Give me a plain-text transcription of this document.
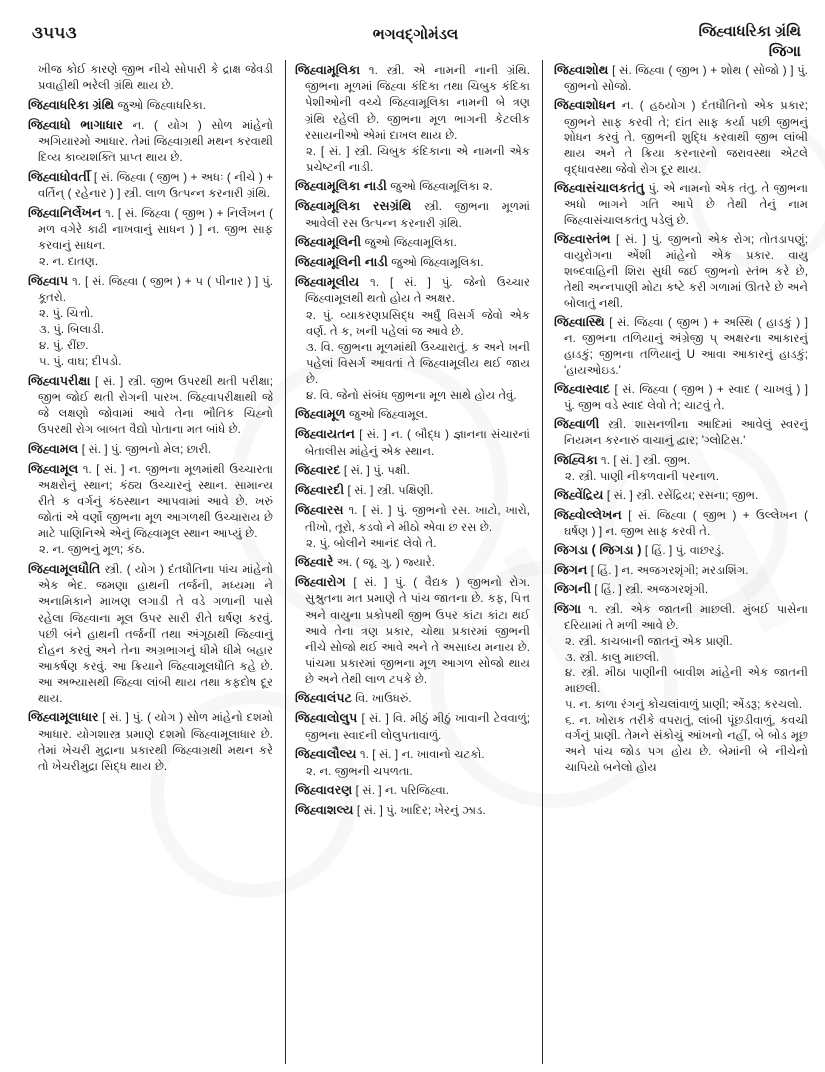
૩૫૫૩	ભગવદ્ગોમંડલ	જિહ્વાધરિકા ગ્રંથિ
જિગા

ખીજ કોઈ કારણે જીભ નીચે સોપારી કે દ્રાક્ષ જેવડી પ્રવાહીથી ભરેલી ગ્રંથિ થાય છે.

જિહ્વાધરિકા ગ્રંથિ જુઓ જિહ્વાધરિકા.

જિહ્વાધો ભાગાધાર ન. ( યોગ ) સોળ માંહેનો અગિયારમો આધાર. તેમાં જિહ્વાગ્રથી મથન કરવાથી દિવ્ય કાવ્યશક્તિ પ્રાપ્ત થાય છે.

જિહ્વાધોવર્તી [ સં. જિહ્વા ( જીભ ) + અધઃ ( નીચે ) + વર્તિન્ ( રહેનાર ) ] સ્ત્રી. લાળ ઉત્પન્ન કરનારી ગ્રંથિ.

જિહ્વાનિર્લેખન ૧. [ સં. જિહ્વા ( જીભ ) + નિર્લેખન ( મળ વગેરે કાઢી નાખવાનું સાધન ) ] ન. જીભ સાફ કરવાનું સાધન.

૨. ન. દાતણ.

જિહ્વાપ ૧. [ સં. જિહ્વા ( જીભ ) + પ ( પીનાર ) ] પું. કૂતરો.

૨. પું. ચિત્તો.

૩. પું. બિલાડી.

૪. પું. રીંછ.

૫. પું. વાઘ; દીપડો.

જિહ્વાપરીક્ષા [ સં. ] સ્ત્રી. જીભ ઉપરથી થતી પરીક્ષા; જીભ જોઈ થતી રોગની પારખ. જિહ્વાપરીક્ષાથી જે જે લક્ષણો જોવામાં આવે તેના ભૌતિક ચિહ્નો ઉપરથી રોગ બાબત વૈદ્યો પોતાના મત બાંધે છે.

જિહ્વામલ [ સં. ] પું. જીભનો મેલ; છારી.

જિહ્વામૂલ ૧. [ સં. ] ન. જીભના મૂળમાંથી ઉચ્ચારતા અક્ષરોનું સ્થાન; કંઠ્ય ઉચ્ચારનું સ્થાન. સામાન્ય રીતે ક વર્ગનું કંઠસ્થાન આપવામાં આવે છે. ખરું જોતાં એ વર્ણો જીભના મૂળ આગળથી ઉચ્ચારાય છે માટે પાણિનિએ એનું જિહ્વામૂલ સ્થાન આપ્યું છે.

૨. ન. જીભનું મૂળ; કંઠ.

જિહ્વામૂલધૌતિ સ્ત્રી. ( યોગ ) દંતધૌતિના પાંચ માંહેનો એક ભેદ. જમણા હાથની તર્જની, મધ્યમા ને અનામિકાને માખણ લગાડી તે વડે ગળાની પાસે રહેલા જિહ્વાના મૂલ ઉપર સારી રીતે ઘર્ષણ કરવું. પછી બંને હાથની તર્જનીં તથા અંગૂઠાથી જિહ્વાનું દોહન કરવું અને તેના અગ્રભાગનું ધીમે ધીમે બહાર આકર્ષણ કરવું. આ ક્રિયાને જિહ્વામૂલધૌતિ કહે છે. આ અભ્યાસથી જિહ્વા લાંબી થાય તથા કફદોષ દૂર થાય.

જિહ્વામૂલાધાર [ સં. ] પું. ( યોગ ) સોળ માંહેનો દશમો આધાર. યોગશાસ્ત્ર પ્રમાણે દશમો જિહ્વામૂલાધાર છે. તેમાં ખેચરી મુદ્રાના પ્રકારથી જિહ્વાગ્રથી મથન કરે તો ખેચરીમુદ્રા સિદ્ધ થાય છે.

જિહ્વામૂલિકા ૧. સ્ત્રી. એ નામની નાની ગ્રંથિ. જીભના મૂળમાં જિહ્વા કંદિકા તથા ચિબુક કંદિકા પેશીઓની વચ્ચે જિહ્વામૂલિકા નામની બે ત્રણ ગ્રંથિ રહેલી છે. જીભના મૂળ ભાગની કેટલીક રસાયનીઓ એમાં દાખલ થાય છે.

૨. [ સં. ] સ્ત્રી. ચિબુક કંદિકાના એ નામની એક પ્રચેષ્ટની નાડી.

જિહ્વામૂલિકા નાડી જુઓ જિહ્વામૂલિકા ૨.

જિહ્વામૂલિકા રસગ્રંથિ સ્ત્રી. જીભના મૂળમાં આવેલી રસ ઉત્પન્ન કરનારી ગ્રંથિ.

જિહ્વામૂલિની જુઓ જિહ્વામૂલિકા.

જિહ્વામૂલિની નાડી જુઓ જિહ્વામૂલિકા.

જિહ્વામૂલીય ૧. [ સં. ] પું. જેનો ઉચ્ચાર જિહ્વામૂલથી થતો હોય તે અક્ષર.

૨. પું. વ્યાકરણપ્રસિદ્ધ અર્ધું વિસર્ગ જેવો એક વર્ણ. તે ક, ખની પહેલાં જ આવે છે.

૩. વિ. જીભના મૂળમાંથી ઉચ્ચારાતું. ક અને ખની પહેલાં વિસર્ગ આવતાં તે જિહ્વામૂલીય થઈ જાય છે.

૪. વિ. જેનો સંબંધ જીભના મૂળ સાથે હોય તેવું.

જિહ્વામૂળ જુઓ જિહ્વામૂલ.

જિહ્વાયતન [ સં. ] ન. ( બૌદ્ધ ) જ્ઞાનના સંચારનાં બેતાલીસ માંહેનું એક સ્થાન.

જિહ્વારદ [ સં. ] પું. પક્ષી.

જિહ્વારદી [ સં. ] સ્ત્રી. પક્ષિણી.

જિહ્વારસ ૧. [ સં. ] પું. જીભનો રસ. ખાટો, ખારો, તીખો, તૂરો, કડવો ને મીઠો એવા છ રસ છે.

૨. પું. બોલીને આનંદ લેવો તે.

જિહ્વારે અ. ( જૂ. ગુ. ) જ્યારે.

જિહ્વારોગ [ સં. ] પું. ( વૈદ્યક ) જીભનો રોગ. સુશ્રુતના મત પ્રમાણે તે પાંચ જાતના છે. કફ, પિત્ત અને વાયુના પ્રકોપથી જીભ ઉપર કાંટા કાંટા થઈ આવે તેના ત્રણ પ્રકાર, ચોથા પ્રકારમાં જીભની નીચે સોજો થઈ આવે અને તે અસાધ્ય મનાય છે. પાંચમા પ્રકારમાં જીભના મૂળ આગળ સોજો થાય છે અને તેથી લાળ ટપકે છે.

જિહ્વાલંપટ વિ. ખાઉધરું.

જિહ્વાલોલુપ [ સં. ] વિ. મીઠું મીઠું ખાવાની ટેવવાળું; જીભના સ્વાદની લોલુપતાવાળું.

જિહ્વાલૌલ્ય ૧. [ સં. ] ન. ખાવાનો ચટકો.

૨. ન. જીભની ચપળતા.

જિહ્વાવરણ [ સં. ] ન. પરિજિહ્વા.

જિહ્વાશલ્ય [ સં. ] પું. ખાદિર; ખેરનું ઝાડ.

જિહ્વાશોથ [ સં. જિહ્વા ( જીભ ) + શોથ ( સોજો ) ] પું. જીભનો સોજો.

જિહ્વાશોધન ન. ( હઠયોગ ) દંતધૌતિનો એક પ્રકાર; જીભને સાફ કરવી તે; દાંત સાફ કર્યા પછી જીભનું શોધન કરવું તે. જીભની શુદ્ધિ કરવાથી જીભ લાંબી થાય અને તે ક્રિયા કરનારનો જરાવસ્થા એટલે વૃદ્ધાવસ્થા જેવો રોગ દૂર થાય.

જિહ્વાસંચાલકતંતુ પું. એ નામનો એક તંતુ. તે જીભના અધો ભાગને ગતિ આપે છે તેથી તેનું નામ જિહ્વાસંચાલકતંતુ પડેલું છે.

જિહ્વાસ્તંભ [ સં. ] પું. જીભનો એક રોગ; તોતડાપણું; વાયુરોગના એંશી માંહેનો એક પ્રકાર. વાયુ શબ્દવાહિની શિરા સુધી જઈ જીભનો સ્તંભ કરે છે, તેથી અન્નપાણી મોટા કષ્ટે કરી ગળામાં ઊતરે છે અને બોલાતું નથી.

જિહ્વાસ્થિ [ સં. જિહ્વા ( જીભ ) + અસ્થિ ( હાડકું ) ] ન. જીભના તળિયાનું અંગ્રેજી પ્ અક્ષરના આકારનું હાડકું; જીભના તળિયાનું U આવા આકારનું હાડકું; 'હાયઓઇડ.'

જિહ્વાસ્વાદ [ સં. જિહ્વા ( જીભ ) + સ્વાદ ( ચાખવું ) ] પું. જીભ વડે સ્વાદ લેવો તે; ચાટવું તે.

જિહ્વાળી સ્ત્રી. શાસનળીના આદિમાં આવેલું સ્વરનું નિયમન કરનારું વાચાનું દ્વાર; 'ગ્લોટિસ.'

જિહ્વિકા ૧. [ સં. ] સ્ત્રી. જીભ.

૨. સ્ત્રી. પાણી નીકળવાની પરનાળ.

જિહ્વેંદ્રિય [ સં. ] સ્ત્રી. રસેંદ્રિય; રસના; જીભ.

જિહ્વોલ્લેખન [ સં. જિહ્વા ( જીભ ) + ઉલ્લેખન ( ઘર્ષણ ) ] ન. જીભ સાફ કરવી તે.

જિગડા ( જિગડા ) [ હિં. ] પું. વાછરડું.

જિગન [ હિં. ] ન. અજગરશૃંગી; મરડાશિંગ.

જિગની [ હિં. ] સ્ત્રી. અજગરશૃંગી.

જિગા ૧. સ્ત્રી. એક જાતની માછલી. મુંબઈ પાસેના દરિયામાં તે મળી આવે છે.

૨. સ્ત્રી. કાચબાની જાતનું એક પ્રાણી.

૩. સ્ત્રી. કાલુ માછલી.

૪. સ્ત્રી. મીઠા પાણીની બાવીશ માંહેની એક જાતની માછલી.

૫. ન. કાળા રંગનું કોચલાંવાળું પ્રાણી; એંડરૂ; કરચલો.

૬. ન. ખોરાક તરીકે વપરાતું, લાંબી પૂંછડીવાળું, કવચી વર્ગનું પ્રાણી. તેમને સંકોચું આંખનો નહીં, બે બોડ મૂછ અને પાંચ જોડ પગ હોય છે. બેમાંની બે નીચેનો ચાપિયો બનેલો હોય
